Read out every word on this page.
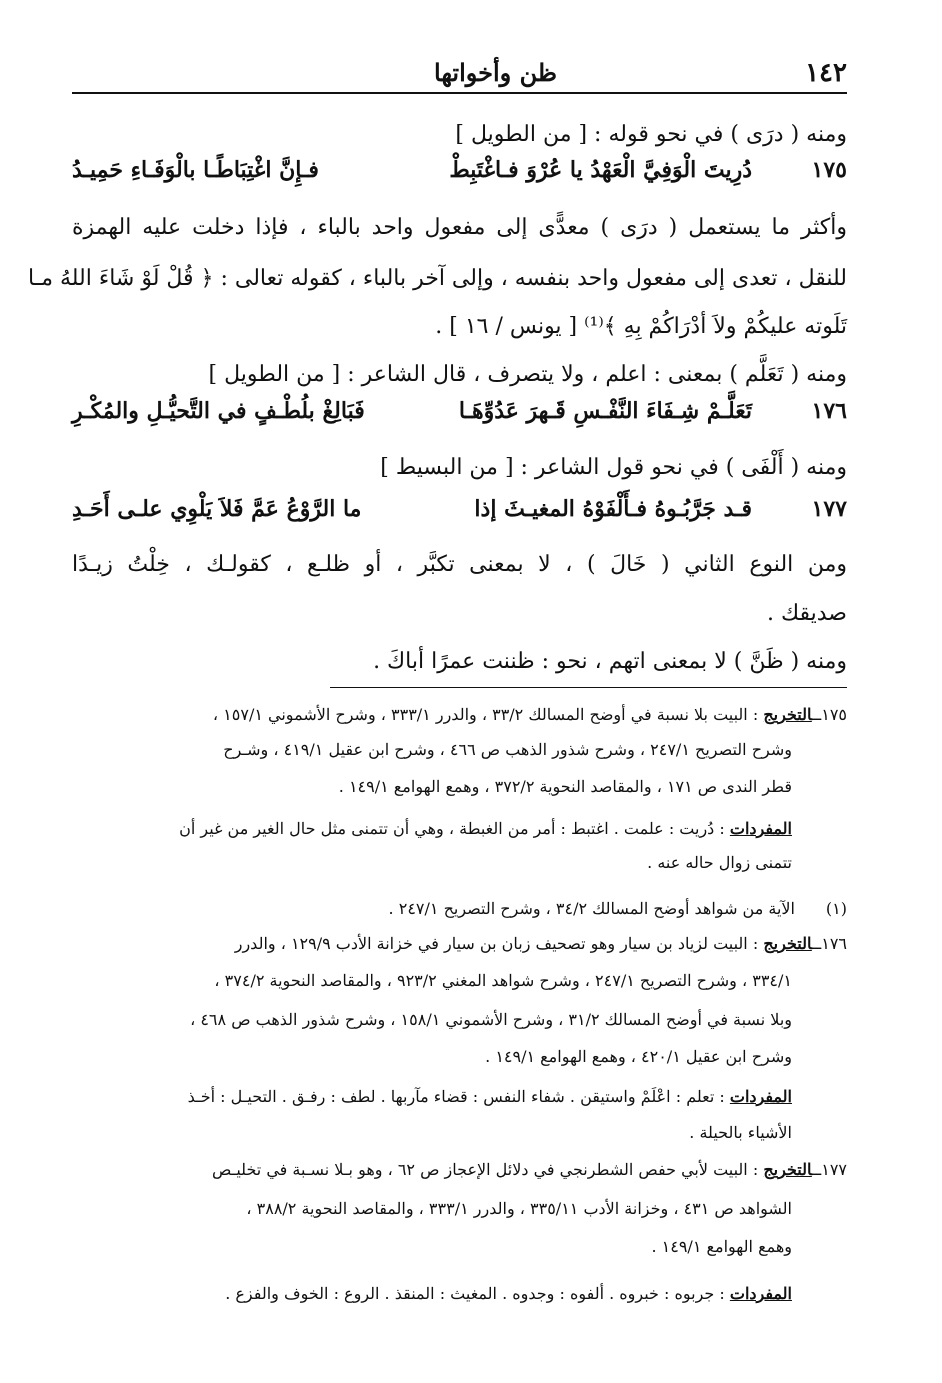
١٤٢
ظن وأخواتها
ومنه ( درَى ) في نحو قوله : [ من الطويل ]
١٧٥
دُرِيتَ الْوَفِيَّ الْعَهْدُ يا عُرْوَ فـاغْتَبِطْ
فـإِنَّ اغْتِبَاطًـا بالْوَفَـاءِ حَمِيـدُ
وأكثر ما يستعمل ( درَى ) معدًّى إلى مفعول واحد بالباء ، فإذا دخلت عليه الهمزة
للنقل ، تعدى إلى مفعول واحد بنفسه ، وإلى آخر بالباء ، كقوله تعالى : ﴿ قُلْ لَوْ شَاءَ اللهُ مـا
تَلَوته عليكُمْ ولاَ أدْرَاكُمْ بِهِ ﴾⁽¹⁾ [ يونس / ١٦ ] .
ومنه ( تَعَلَّم ) بمعنى : اعلم ، ولا يتصرف ، قال الشاعر : [ من الطويل ]
١٧٦
تَعَلَّـمْ شِـفَاءَ النَّفْـسِ قَـهرَ عَدُوِّهَـا
فَبَالِغْ بلُطْـفٍ في التَّحيُّـلِ والمُكْـرِ
ومنه ( أَلْفَى ) في نحو قول الشاعر : [ من البسيط ]
١٧٧
قـد جَرَّبُـوهُ فـأَلْفَوْهُ المغيـثَ إذا
ما الرَّوْعُ عَمَّ فَلاَ يَلْوِي علـى أَحَـدِ
ومن النوع الثاني ( خَالَ ) ، لا بمعنى تكبَّر ، أو ظلـع ، كقولـك ، خِلْتُ زيـدًا
صديقك .
ومنه ( ظَنَّ ) لا بمعنى اتهم ، نحو : ظننت عمرًا أباكَ .
١٧٥ــالتخريج : البيت بلا نسبة في أوضح المسالك ٣٣/٢ ، والدرر ٣٣٣/١ ، وشرح الأشموني ١٥٧/١ ،
وشرح التصريح ٢٤٧/١ ، وشرح شذور الذهب ص ٤٦٦ ، وشرح ابن عقيل ٤١٩/١ ، وشـرح
قطر الندى ص ١٧١ ، والمقاصد النحوية ٣٧٢/٢ ، وهمع الهوامع ١٤٩/١ .
المفردات : دُريت : علمت . اغتبط : أمر من الغبطة ، وهي أن تتمنى مثل حال الغير من غير أن
تتمنى زوال حاله عنه .
(١)الآية من شواهد أوضح المسالك ٣٤/٢ ، وشرح التصريح ٢٤٧/١ .
١٧٦ــالتخريج : البيت لزياد بن سيار وهو تصحيف زبان بن سيار في خزانة الأدب ١٢٩/٩ ، والدرر
٣٣٤/١ ، وشرح التصريح ٢٤٧/١ ، وشرح شواهد المغني ٩٢٣/٢ ، والمقاصد النحوية ٣٧٤/٢ ،
وبلا نسبة في أوضح المسالك ٣١/٢ ، وشرح الأشموني ١٥٨/١ ، وشرح شذور الذهب ص ٤٦٨ ،
وشرح ابن عقيل ٤٢٠/١ ، وهمع الهوامع ١٤٩/١ .
المفردات : تعلم : اعْلَمْ واستيقن . شفاء النفس : قضاء مآربها . لطف : رفـق . التحيـل : أخـذ
الأشياء بالحيلة .
١٧٧ــالتخريج : البيت لأبي حفص الشطرنجي في دلائل الإعجاز ص ٦٢ ، وهو بـلا نسـبة في تخليـص
الشواهد ص ٤٣١ ، وخزانة الأدب ٣٣٥/١١ ، والدرر ٣٣٣/١ ، والمقاصد النحوية ٣٨٨/٢ ،
وهمع الهوامع ١٤٩/١ .
المفردات : جربوه : خبروه . ألفوه : وجدوه . المغيث : المنقذ . الروع : الخوف والفزع .
